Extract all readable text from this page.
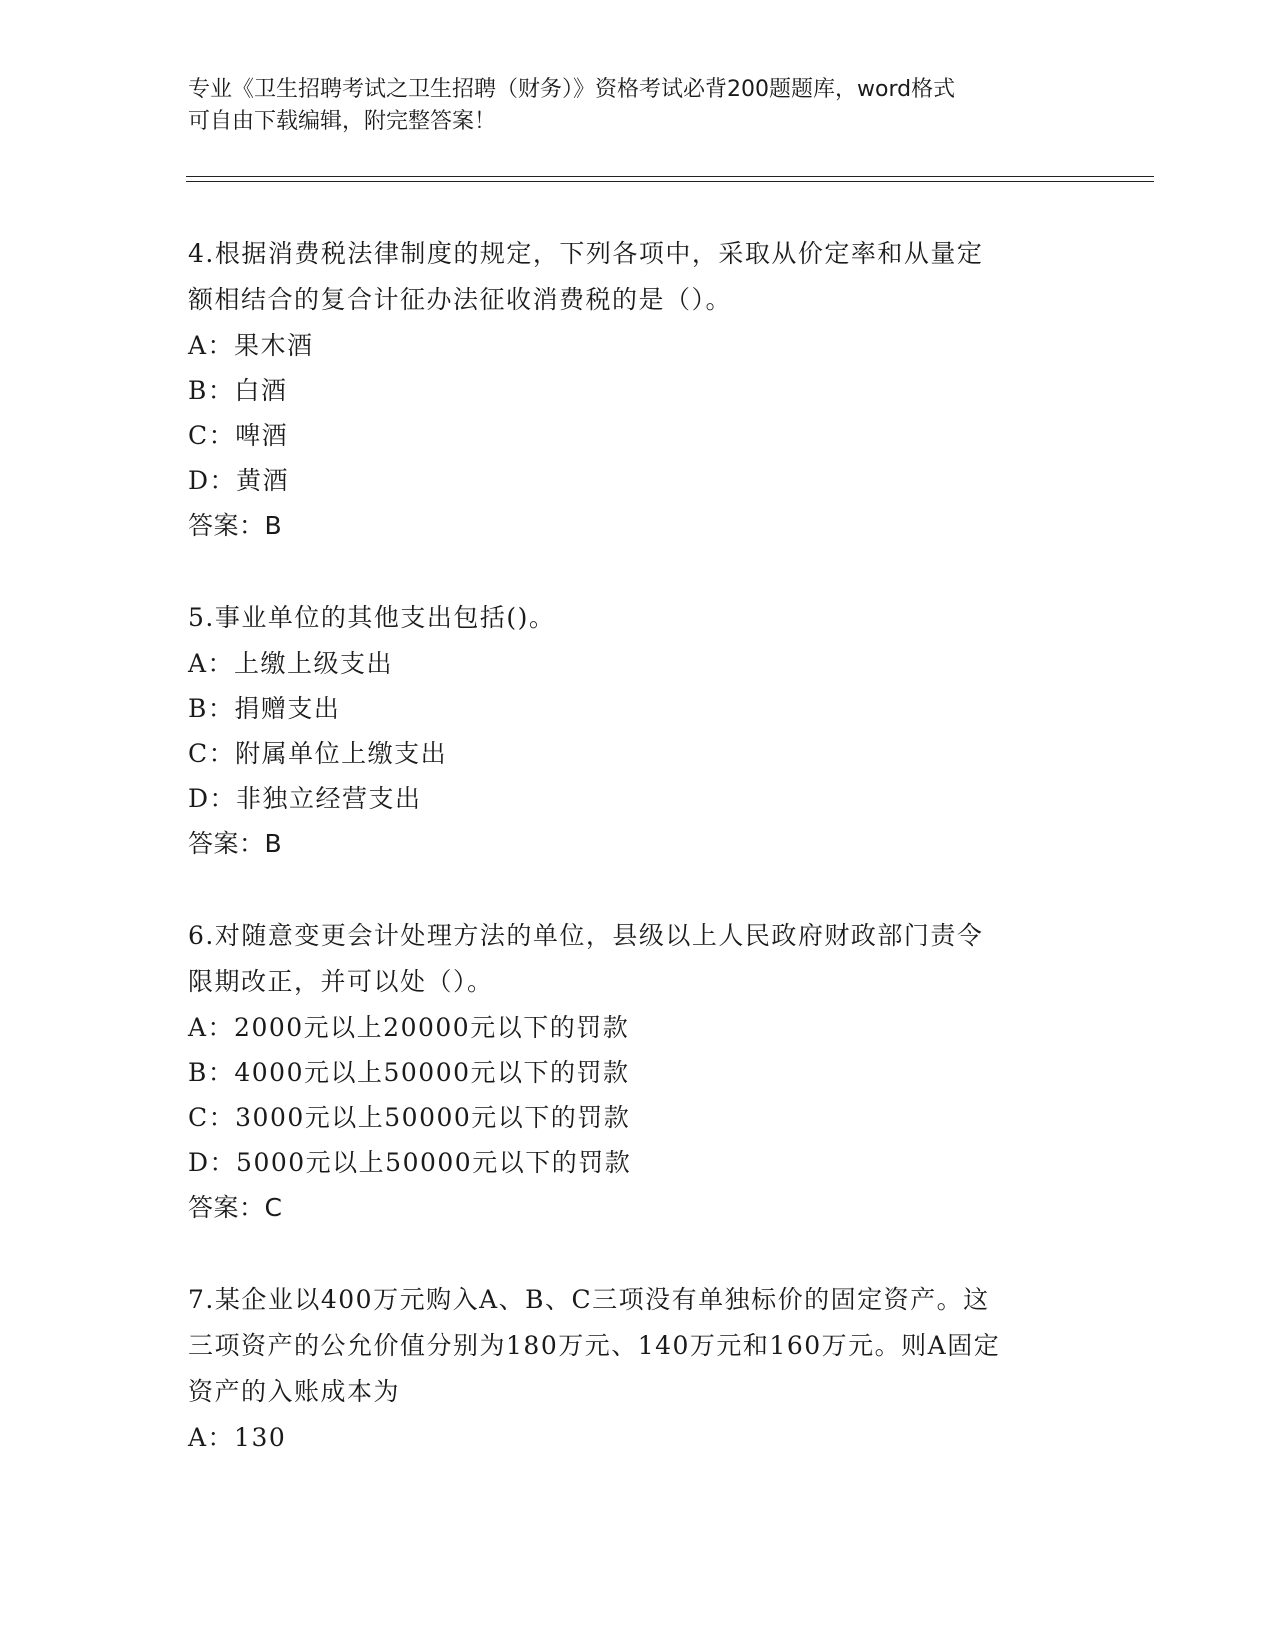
专业《卫生招聘考试之卫生招聘（财务）》资格考试必背200题题库，word格式
可自由下载编辑，附完整答案！

4.根据消费税法律制度的规定，下列各项中，采取从价定率和从量定

额相结合的复合计征办法征收消费税的是（）。

A：果木酒

B：白酒

C：啤酒

D：黄酒

答案：B

5.事业单位的其他支出包括()。

A：上缴上级支出

B：捐赠支出

C：附属单位上缴支出

D：非独立经营支出

答案：B

6.对随意变更会计处理方法的单位，县级以上人民政府财政部门责令

限期改正，并可以处（）。

A：2000元以上20000元以下的罚款

B：4000元以上50000元以下的罚款

C：3000元以上50000元以下的罚款

D：5000元以上50000元以下的罚款

答案：C

7.某企业以400万元购入A、B、C三项没有单独标价的固定资产。这

三项资产的公允价值分别为180万元、140万元和160万元。则A固定

资产的入账成本为

A：130
